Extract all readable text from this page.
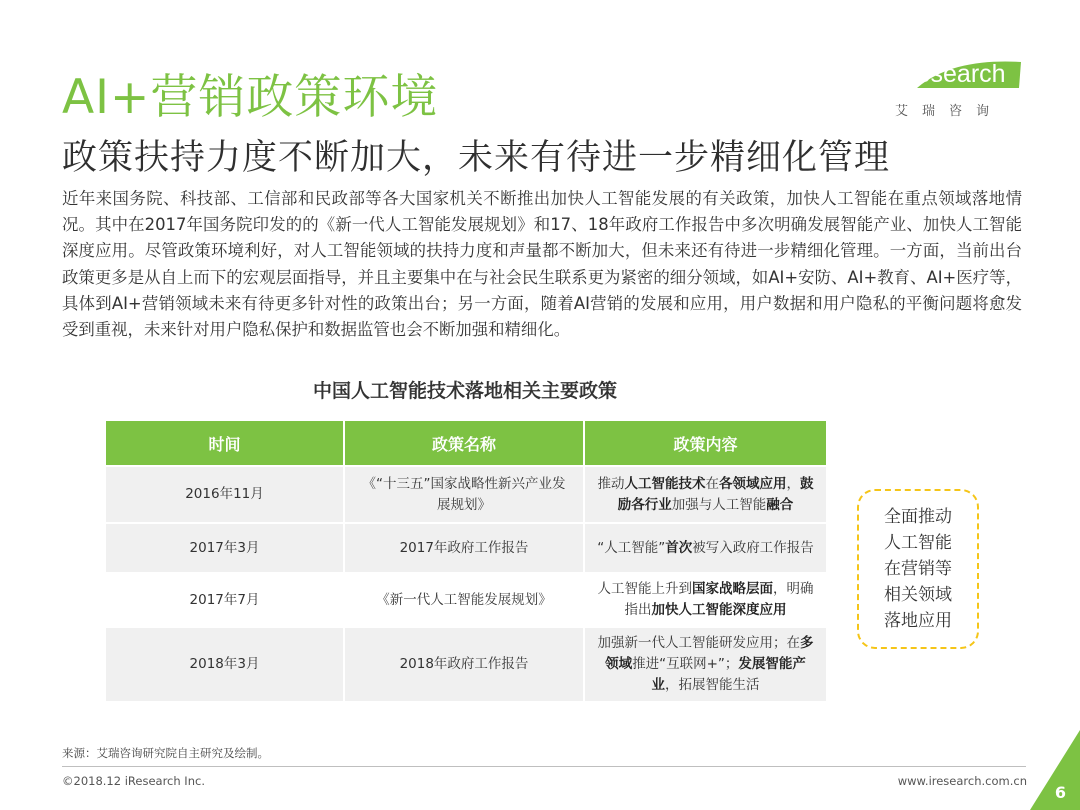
AI+营销政策环境	iResearch
艾瑞咨询
政策扶持力度不断加大，未来有待进一步精细化管理
近年来国务院、科技部、工信部和民政部等各大国家机关不断推出加快人工智能发展的有关政策，加快人工智能在重点领域落地情况。其中在2017年国务院印发的的《新一代人工智能发展规划》和17、18年政府工作报告中多次明确发展智能产业、加快人工智能深度应用。尽管政策环境利好，对人工智能领域的扶持力度和声量都不断加大，但未来还有待进一步精细化管理。一方面，当前出台政策更多是从自上而下的宏观层面指导，并且主要集中在与社会民生联系更为紧密的细分领域，如AI+安防、AI+教育、AI+医疗等，具体到AI+营销领域未来有待更多针对性的政策出台；另一方面，随着AI营销的发展和应用，用户数据和用户隐私的平衡问题将愈发受到重视，未来针对用户隐私保护和数据监管也会不断加强和精细化。
中国人工智能技术落地相关主要政策
时间	政策名称	政策内容
2016年11月	《“十三五”国家战略性新兴产业发展规划》	推动人工智能技术在各领域应用，鼓励各行业加强与人工智能融合
2017年3月	2017年政府工作报告	“人工智能”首次被写入政府工作报告
2017年7月	《新一代人工智能发展规划》	人工智能上升到国家战略层面，明确指出加快人工智能深度应用
2018年3月	2018年政府工作报告	加强新一代人工智能研发应用；在多领域推进“互联网+”；发展智能产业，拓展智能生活
全面推动人工智能在营销等相关领域落地应用
来源：艾瑞咨询研究院自主研究及绘制。
©2018.12 iResearch Inc.	www.iresearch.com.cn
6
